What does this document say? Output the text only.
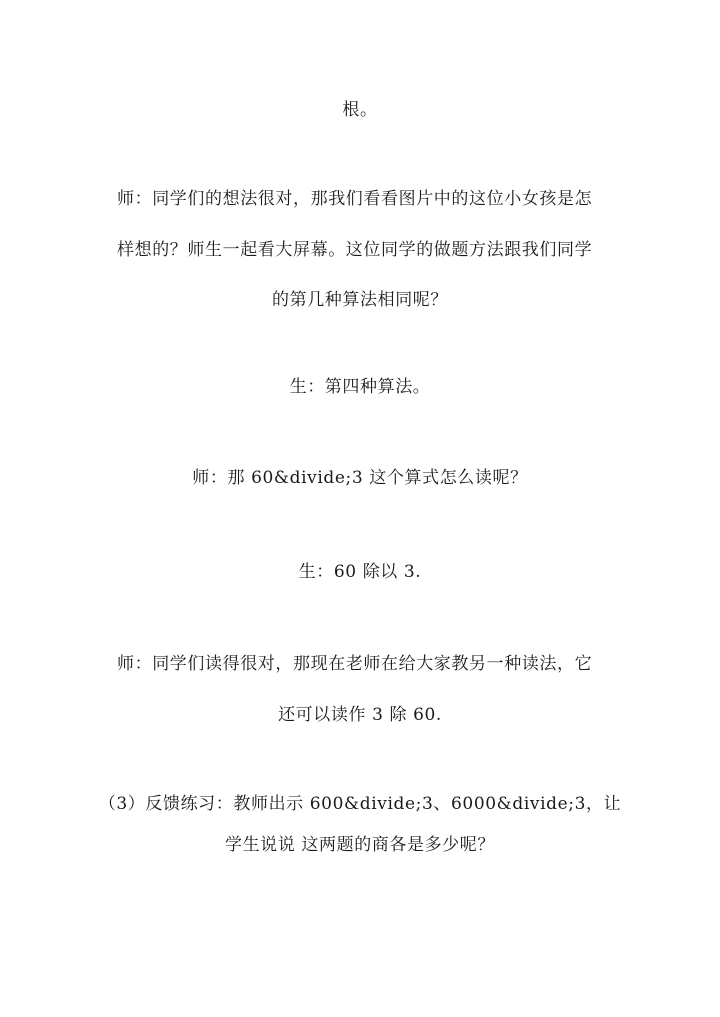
根。
师：同学们的想法很对，那我们看看图片中的这位小女孩是怎
样想的？师生一起看大屏幕。这位同学的做题方法跟我们同学
的第几种算法相同呢？
生：第四种算法。
师：那 60&divide;3 这个算式怎么读呢？
生：60 除以 3.
师：同学们读得很对，那现在老师在给大家教另一种读法，它
还可以读作 3 除 60.
（3）反馈练习：教师出示 600&divide;3、6000&divide;3，让
学生说说 这两题的商各是多少呢？
